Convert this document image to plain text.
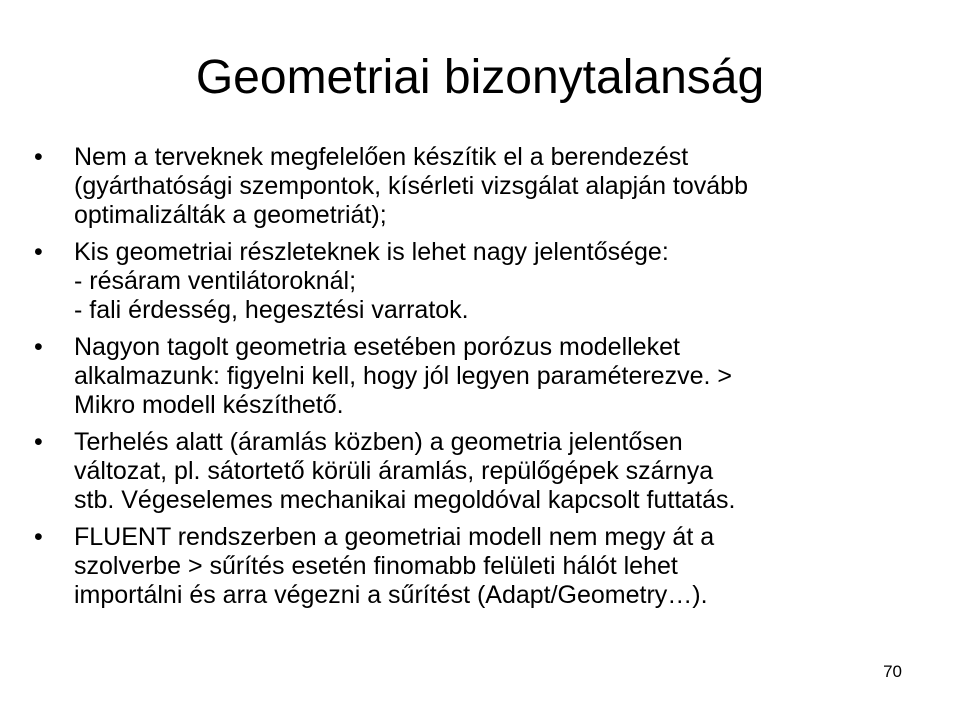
Geometriai bizonytalanság
• Nem a terveknek megfelelően készítik el a berendezést
(gyárthatósági szempontok, kísérleti vizsgálat alapján tovább
optimalizálták a geometriát);
• Kis geometriai részleteknek is lehet nagy jelentősége:
- résáram ventilátoroknál;
- fali érdesség, hegesztési varratok.
• Nagyon tagolt geometria esetében porózus modelleket
alkalmazunk: figyelni kell, hogy jól legyen paraméterezve. >
Mikro modell készíthető.
• Terhelés alatt (áramlás közben) a geometria jelentősen
változat, pl. sátortető körüli áramlás, repülőgépek szárnya
stb. Végeselemes mechanikai megoldóval kapcsolt futtatás.
• FLUENT rendszerben a geometriai modell nem megy át a
szolverbe > sűrítés esetén finomabb felületi hálót lehet
importálni és arra végezni a sűrítést (Adapt/Geometry…).
70
